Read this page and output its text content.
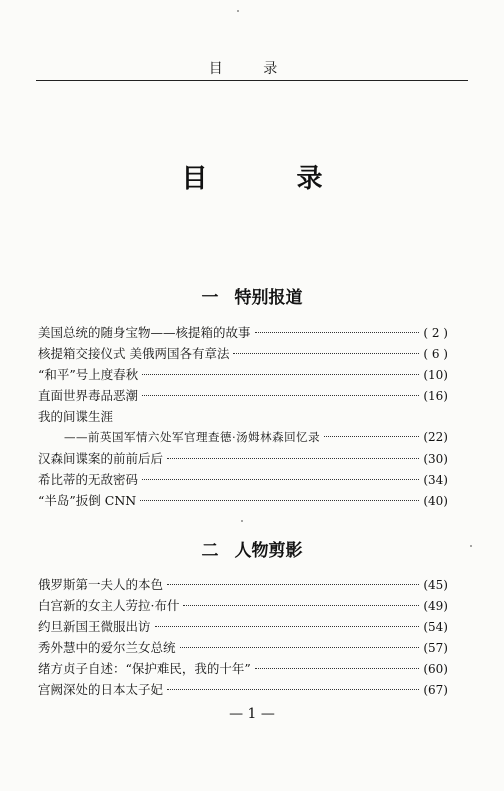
目 录
目 录
一 特别报道
美国总统的随身宝物——核提箱的故事	( 2 )
核提箱交接仪式 美俄两国各有章法	( 6 )
“和平”号上度春秋	(10)
直面世界毒品恶潮	(16)
我的间谍生涯
——前英国军情六处军官理查德·汤姆林森回忆录	(22)
汉森间谍案的前前后后	(30)
希比蒂的无敌密码	(34)
“半岛”扳倒 CNN	(40)
二 人物剪影
俄罗斯第一夫人的本色	(45)
白宫新的女主人劳拉·布什	(49)
约旦新国王微服出访	(54)
秀外慧中的爱尔兰女总统	(57)
绪方贞子自述：“保护难民，我的十年”	(60)
宫阙深处的日本太子妃	(67)
— 1 —
